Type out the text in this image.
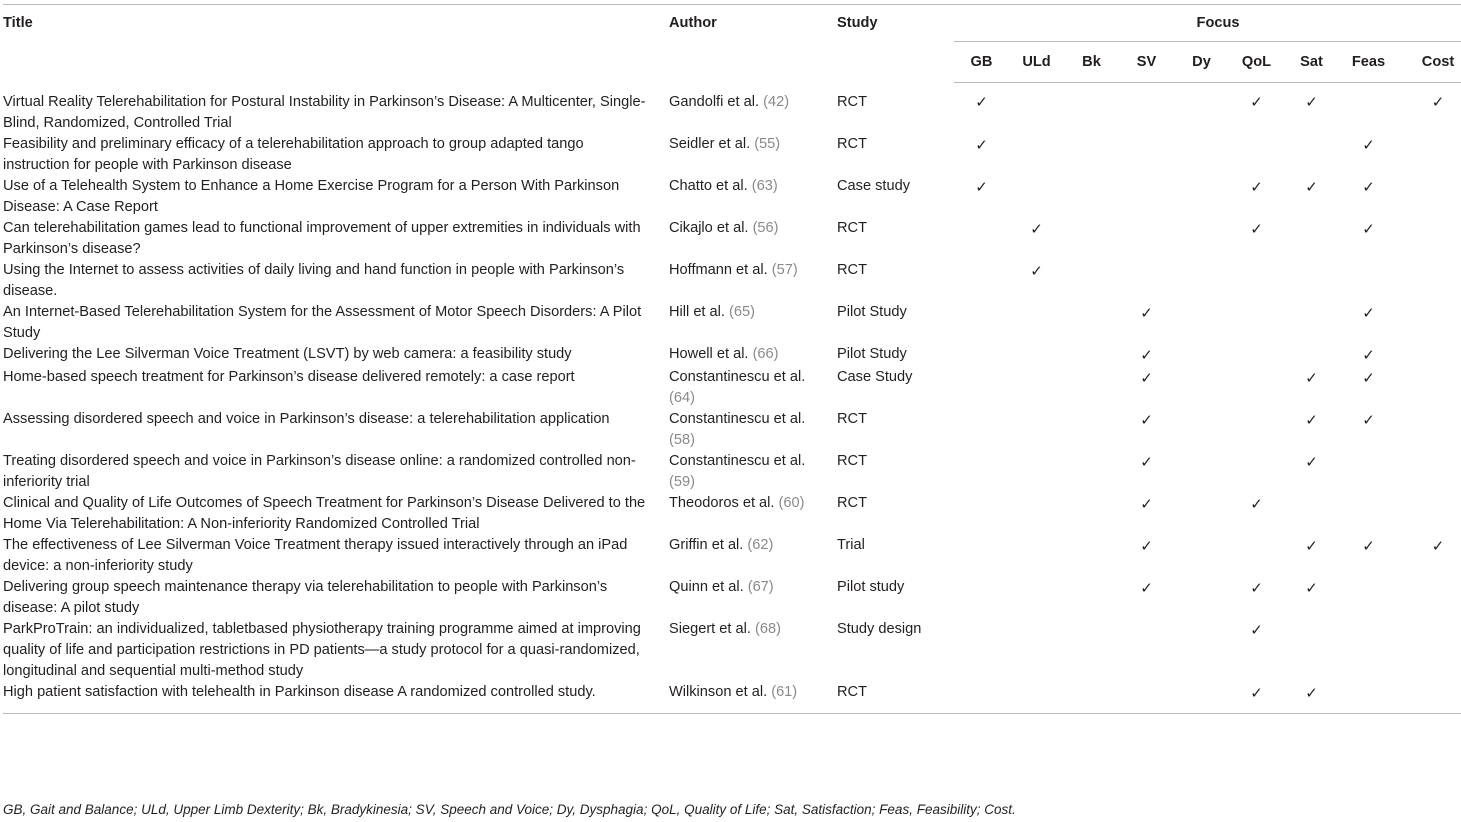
Title	Author	Study	Focus								
			GB	ULd	Bk	SV	Dy	QoL	Sat	Feas	Cost
Virtual Reality Telerehabilitation for Postural Instability in Parkinson’s Disease: A Multicenter, Single-Blind, Randomized, Controlled Trial	Gandolfi et al. (42)	RCT	✓					✓	✓		✓
Feasibility and preliminary efficacy of a telerehabilitation approach to group adapted tango instruction for people with Parkinson disease	Seidler et al. (55)	RCT	✓							✓	
Use of a Telehealth System to Enhance a Home Exercise Program for a Person With Parkinson Disease: A Case Report	Chatto et al. (63)	Case study	✓					✓	✓	✓	
Can telerehabilitation games lead to functional improvement of upper extremities in individuals with Parkinson’s disease?	Cikajlo et al. (56)	RCT		✓				✓		✓	
Using the Internet to assess activities of daily living and hand function in people with Parkinson’s disease.	Hoffmann et al. (57)	RCT		✓							
An Internet-Based Telerehabilitation System for the Assessment of Motor Speech Disorders: A Pilot Study	Hill et al. (65)	Pilot Study				✓				✓	
Delivering the Lee Silverman Voice Treatment (LSVT) by web camera: a feasibility study	Howell et al. (66)	Pilot Study				✓				✓	
Home-based speech treatment for Parkinson’s disease delivered remotely: a case report	Constantinescu et al. (64)	Case Study				✓			✓	✓	
Assessing disordered speech and voice in Parkinson’s disease: a telerehabilitation application	Constantinescu et al. (58)	RCT				✓			✓	✓	
Treating disordered speech and voice in Parkinson’s disease online: a randomized controlled non-inferiority trial	Constantinescu et al. (59)	RCT				✓			✓		
Clinical and Quality of Life Outcomes of Speech Treatment for Parkinson’s Disease Delivered to the Home Via Telerehabilitation: A Non-inferiority Randomized Controlled Trial	Theodoros et al. (60)	RCT				✓		✓			
The effectiveness of Lee Silverman Voice Treatment therapy issued interactively through an iPad device: a non-inferiority study	Griffin et al. (62)	Trial				✓			✓	✓	✓
Delivering group speech maintenance therapy via telerehabilitation to people with Parkinson’s disease: A pilot study	Quinn et al. (67)	Pilot study				✓		✓	✓		
ParkProTrain: an individualized, tabletbased physiotherapy training programme aimed at improving quality of life and participation restrictions in PD patients—a study protocol for a quasi-randomized, longitudinal and sequential multi-method study	Siegert et al. (68)	Study design						✓			
High patient satisfaction with telehealth in Parkinson disease A randomized controlled study.	Wilkinson et al. (61)	RCT						✓	✓		
GB, Gait and Balance; ULd, Upper Limb Dexterity; Bk, Bradykinesia; SV, Speech and Voice; Dy, Dysphagia; QoL, Quality of Life; Sat, Satisfaction; Feas, Feasibility; Cost.
